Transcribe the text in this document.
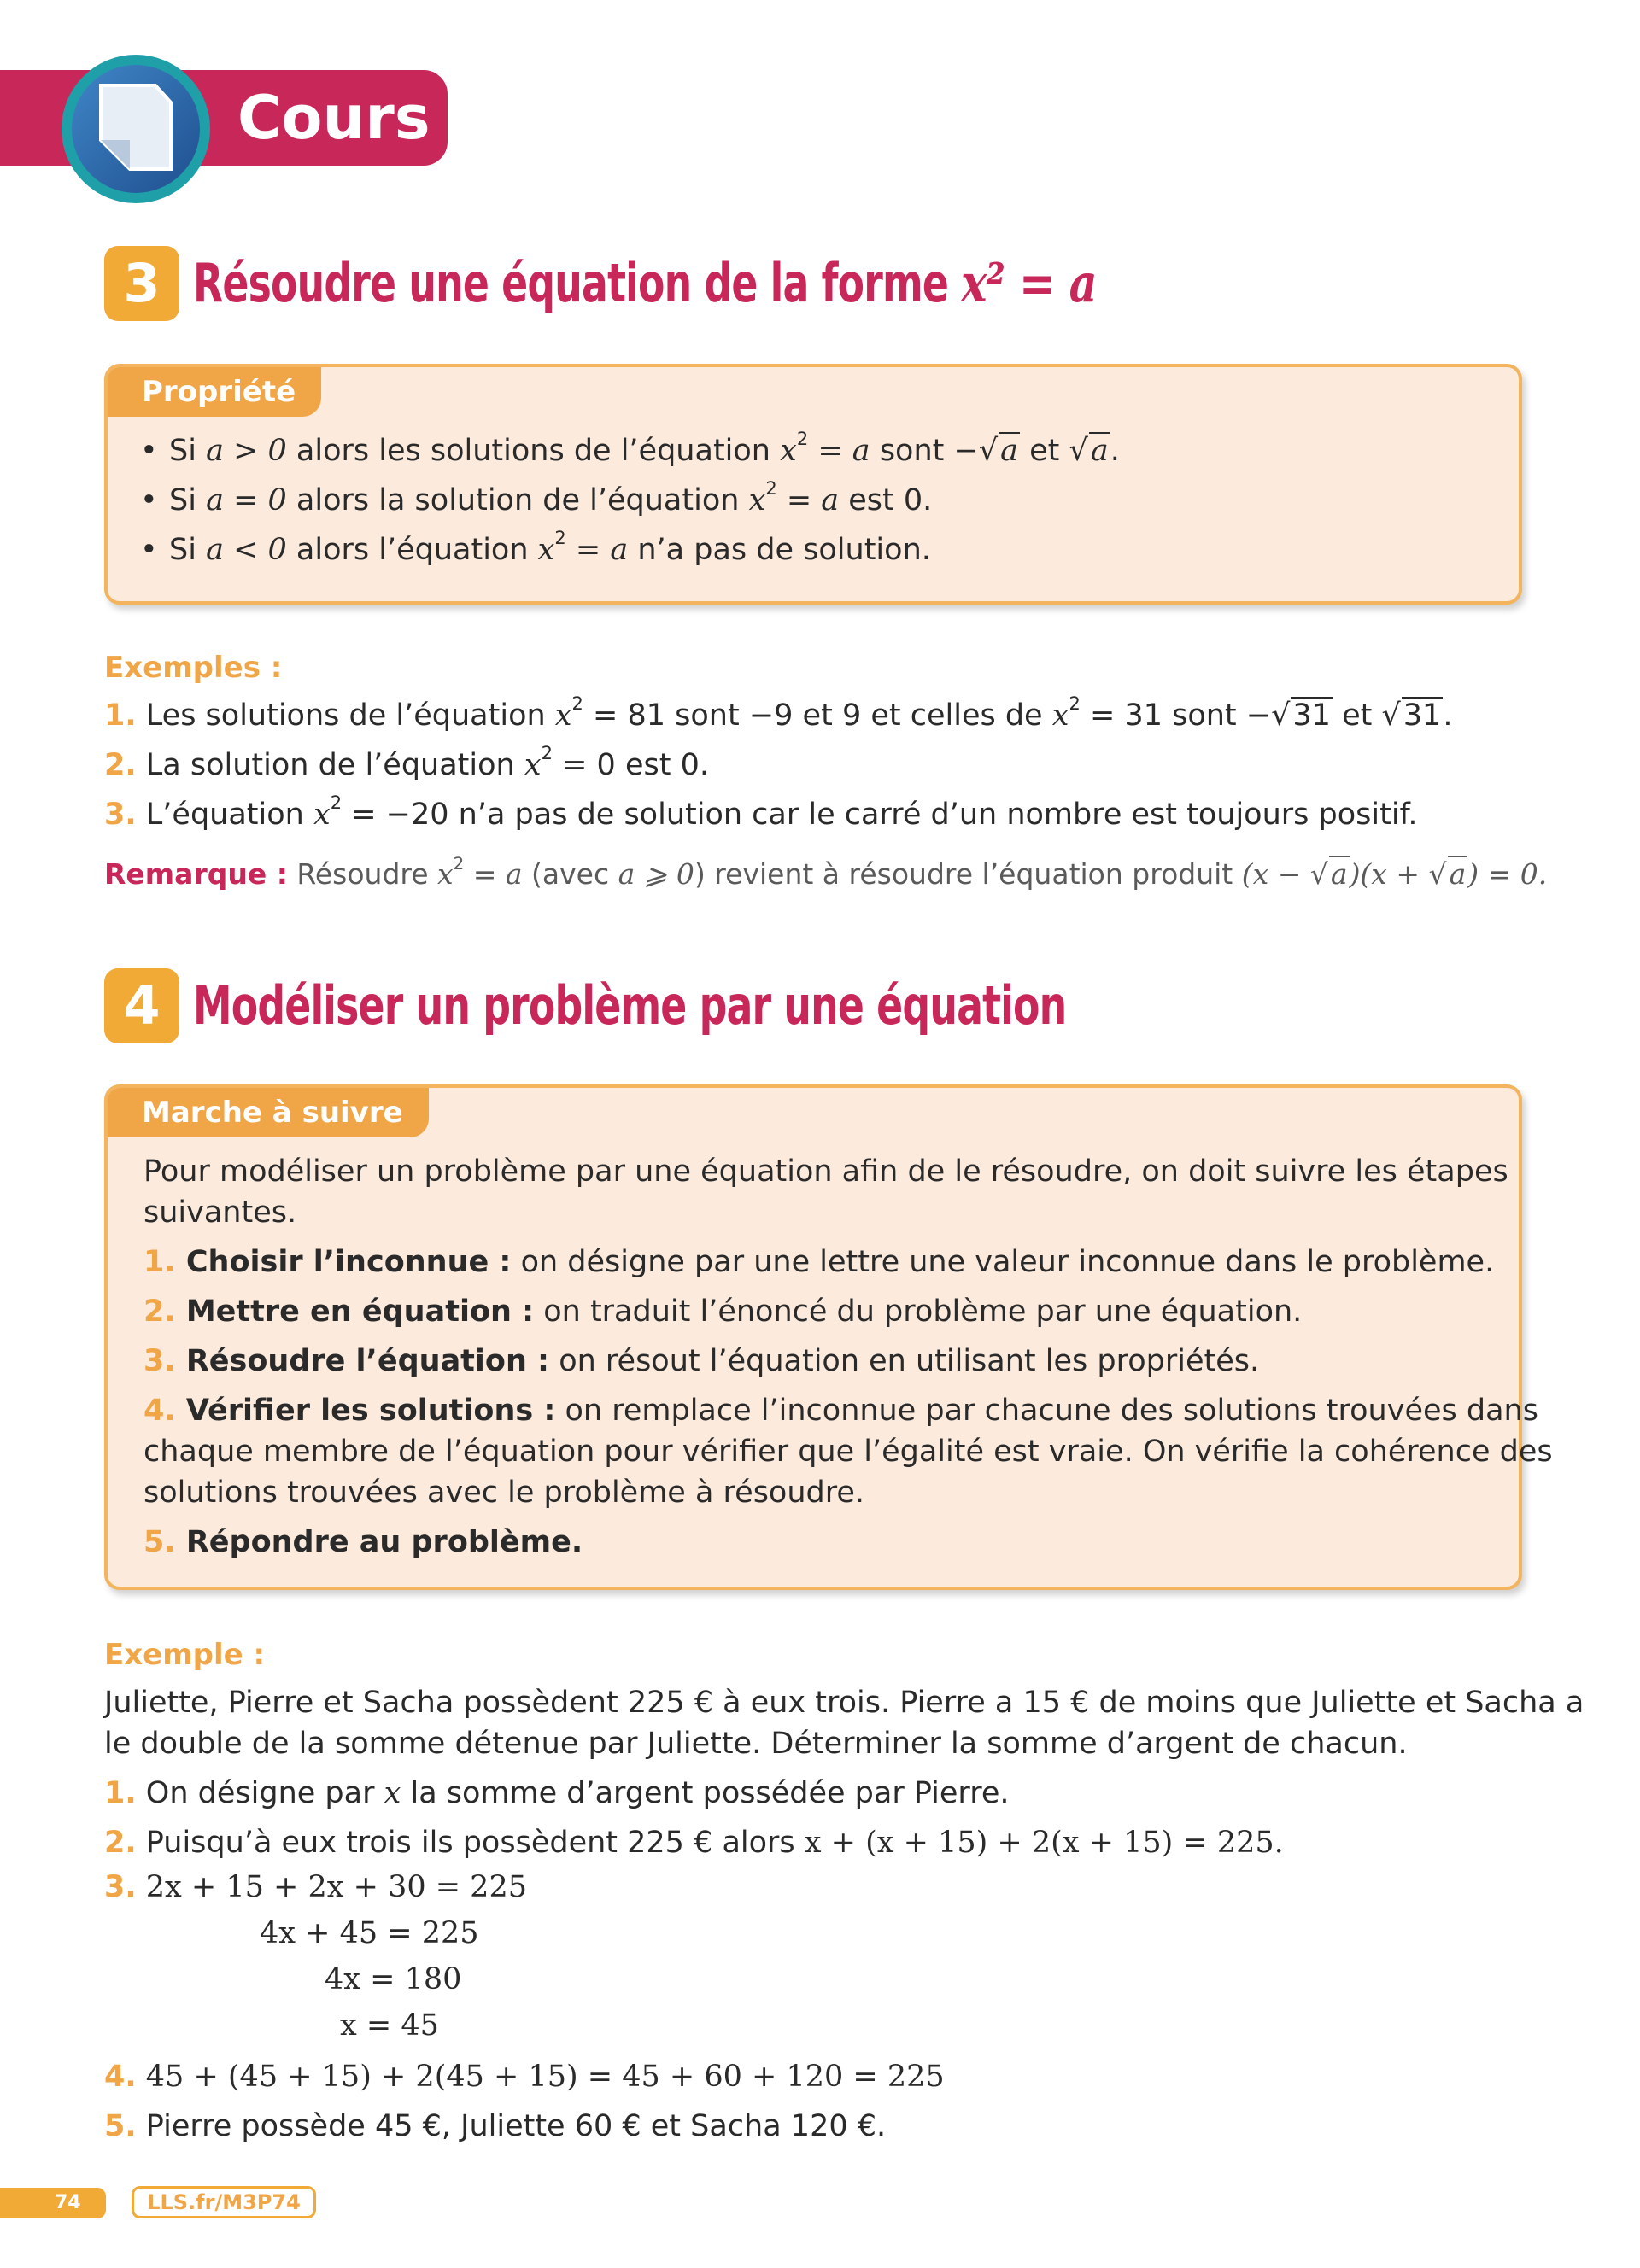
Cours
3 Résoudre une équation de la forme x² = a
Propriété
• Si a > 0 alors les solutions de l’équation $x^2 = a$ sont −√a et √a.
• Si a = 0 alors la solution de l’équation $x^2 = a$ est 0.
• Si a < 0 alors l’équation $x^2 = a$ n’a pas de solution.
Exemples :
1. Les solutions de l’équation $x^2 = 81$ sont −9 et 9 et celles de $x^2 = 31$ sont −√31 et √31.
2. La solution de l’équation $x^2 = 0$ est 0.
3. L’équation $x^2 = -20$ n’a pas de solution car le carré d’un nombre est toujours positif.
Remarque : Résoudre $x^2 = a$ (avec a ⩾ 0) revient à résoudre l’équation produit (x − √a)(x + √a) = 0.
4 Modéliser un problème par une équation
Marche à suivre
Pour modéliser un problème par une équation afin de le résoudre, on doit suivre les étapes
suivantes.
1. Choisir l’inconnue : on désigne par une lettre une valeur inconnue dans le problème.
2. Mettre en équation : on traduit l’énoncé du problème par une équation.
3. Résoudre l’équation : on résout l’équation en utilisant les propriétés.
4. Vérifier les solutions : on remplace l’inconnue par chacune des solutions trouvées dans
chaque membre de l’équation pour vérifier que l’égalité est vraie. On vérifie la cohérence des
solutions trouvées avec le problème à résoudre.
5. Répondre au problème.
Exemple :
Juliette, Pierre et Sacha possèdent 225 € à eux trois. Pierre a 15 € de moins que Juliette et Sacha a
le double de la somme détenue par Juliette. Déterminer la somme d’argent de chacun.
1. On désigne par x la somme d’argent possédée par Pierre.
2. Puisqu’à eux trois ils possèdent 225 € alors x + (x + 15) + 2(x + 15) = 225.
3. 2x + 15 + 2x + 30 = 225
4x + 45 = 225
4x = 180
x = 45
4. 45 + (45 + 15) + 2(45 + 15) = 45 + 60 + 120 = 225
5. Pierre possède 45 €, Juliette 60 € et Sacha 120 €.
74	LLS.fr/M3P74
